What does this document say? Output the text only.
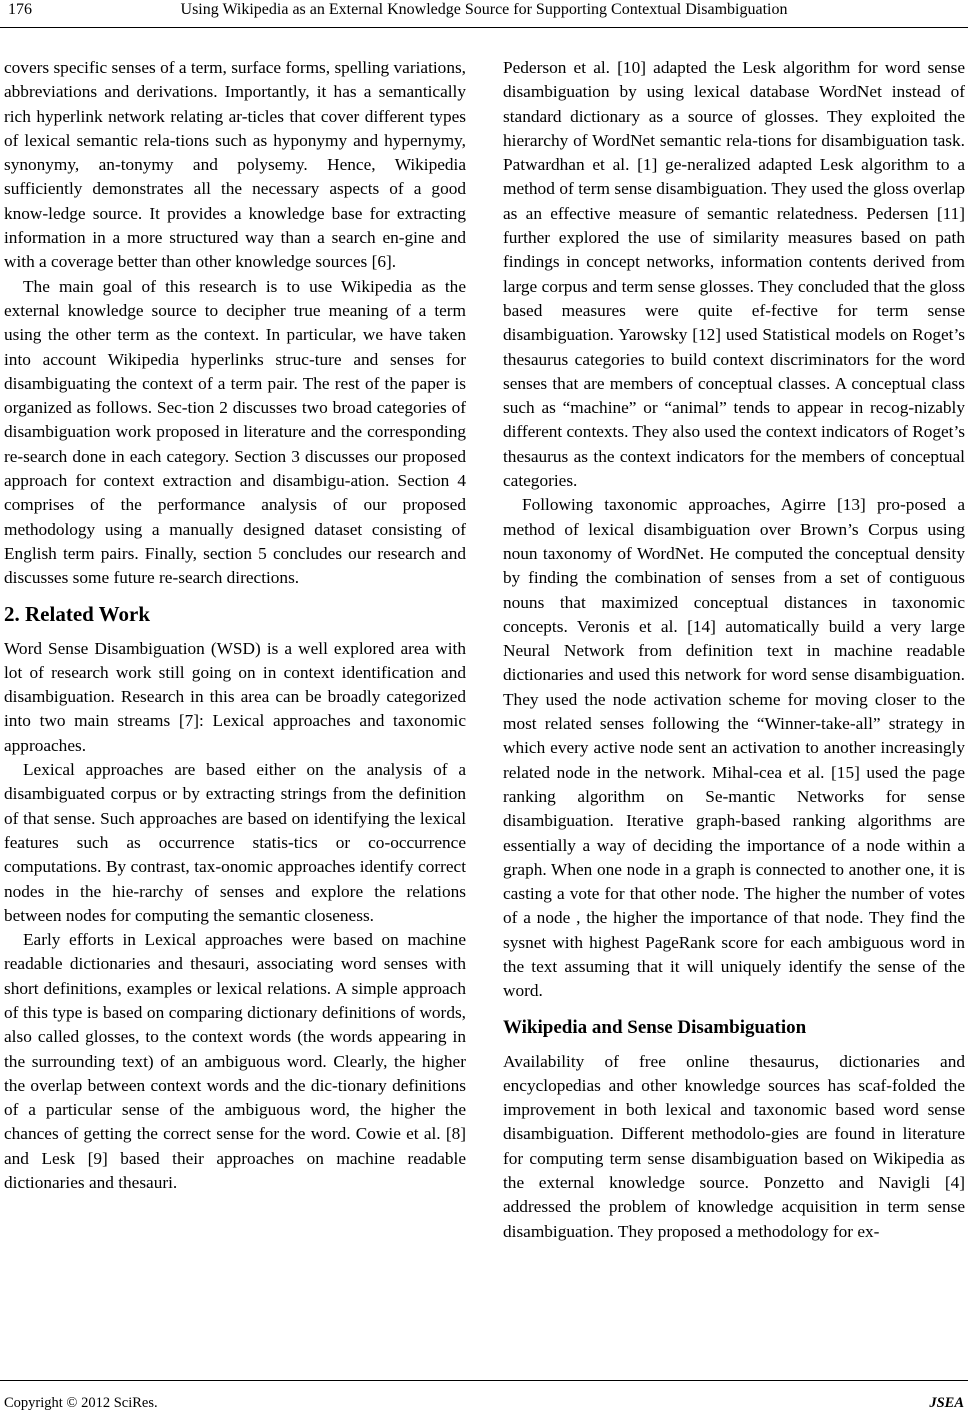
176	Using Wikipedia as an External Knowledge Source for Supporting Contextual Disambiguation

covers specific senses of a term, surface forms, spelling variations, abbreviations and derivations. Importantly, it has a semantically rich hyperlink network relating ar-ticles that cover different types of lexical semantic rela-tions such as hyponymy and hypernymy, synonymy, an-tonymy and polysemy. Hence, Wikipedia sufficiently demonstrates all the necessary aspects of a good know-ledge source. It provides a knowledge base for extracting information in a more structured way than a search en-gine and with a coverage better than other knowledge sources [6].

The main goal of this research is to use Wikipedia as the external knowledge source to decipher true meaning of a term using the other term as the context. In particular, we have taken into account Wikipedia hyperlinks struc-ture and senses for disambiguating the context of a term pair. The rest of the paper is organized as follows. Sec-tion 2 discusses two broad categories of disambiguation work proposed in literature and the corresponding re-search done in each category. Section 3 discusses our proposed approach for context extraction and disambigu-ation. Section 4 comprises of the performance analysis of our proposed methodology using a manually designed dataset consisting of English term pairs. Finally, section 5 concludes our research and discusses some future re-search directions.

2. Related Work

Word Sense Disambiguation (WSD) is a well explored area with lot of research work still going on in context identification and disambiguation. Research in this area can be broadly categorized into two main streams [7]: Lexical approaches and taxonomic approaches.

Lexical approaches are based either on the analysis of a disambiguated corpus or by extracting strings from the definition of that sense. Such approaches are based on identifying the lexical features such as occurrence statis-tics or co-occurrence computations. By contrast, tax-onomic approaches identify correct nodes in the hie-rarchy of senses and explore the relations between nodes for computing the semantic closeness.

Early efforts in Lexical approaches were based on machine readable dictionaries and thesauri, associating word senses with short definitions, examples or lexical relations. A simple approach of this type is based on comparing dictionary definitions of words, also called glosses, to the context words (the words appearing in the surrounding text) of an ambiguous word. Clearly, the higher the overlap between context words and the dic-tionary definitions of a particular sense of the ambiguous word, the higher the chances of getting the correct sense for the word. Cowie et al. [8] and Lesk [9] based their approaches on machine readable dictionaries and thesauri.

Pederson et al. [10] adapted the Lesk algorithm for word sense disambiguation by using lexical database WordNet instead of standard dictionary as a source of glosses. They exploited the hierarchy of WordNet semantic rela-tions for disambiguation task. Patwardhan et al. [1] ge-neralized adapted Lesk algorithm to a method of term sense disambiguation. They used the gloss overlap as an effective measure of semantic relatedness. Pedersen [11] further explored the use of similarity measures based on path findings in concept networks, information contents derived from large corpus and term sense glosses. They concluded that the gloss based measures were quite ef-fective for term sense disambiguation. Yarowsky [12] used Statistical models on Roget’s thesaurus categories to build context discriminators for the word senses that are members of conceptual classes. A conceptual class such as “machine” or “animal” tends to appear in recog-nizably different contexts. They also used the context indicators of Roget’s thesaurus as the context indicators for the members of conceptual categories.

Following taxonomic approaches, Agirre [13] pro-posed a method of lexical disambiguation over Brown’s Corpus using noun taxonomy of WordNet. He computed the conceptual density by finding the combination of senses from a set of contiguous nouns that maximized conceptual distances in taxonomic concepts. Veronis et al. [14] automatically build a very large Neural Network from definition text in machine readable dictionaries and used this network for word sense disambiguation. They used the node activation scheme for moving closer to the most related senses following the “Winner-take-all” strategy in which every active node sent an activation to another increasingly related node in the network. Mihal-cea et al. [15] used the page ranking algorithm on Se-mantic Networks for sense disambiguation. Iterative graph-based ranking algorithms are essentially a way of deciding the importance of a node within a graph. When one node in a graph is connected to another one, it is casting a vote for that other node. The higher the number of votes of a node , the higher the importance of that node. They find the sysnet with highest PageRank score for each ambiguous word in the text assuming that it will uniquely identify the sense of the word.

Wikipedia and Sense Disambiguation

Availability of free online thesaurus, dictionaries and encyclopedias and other knowledge sources has scaf-folded the improvement in both lexical and taxonomic based word sense disambiguation. Different methodolo-gies are found in literature for computing term sense disambiguation based on Wikipedia as the external knowledge source. Ponzetto and Navigli [4] addressed the problem of knowledge acquisition in term sense disambiguation. They proposed a methodology for ex-

Copyright © 2012 SciRes.	JSEA
